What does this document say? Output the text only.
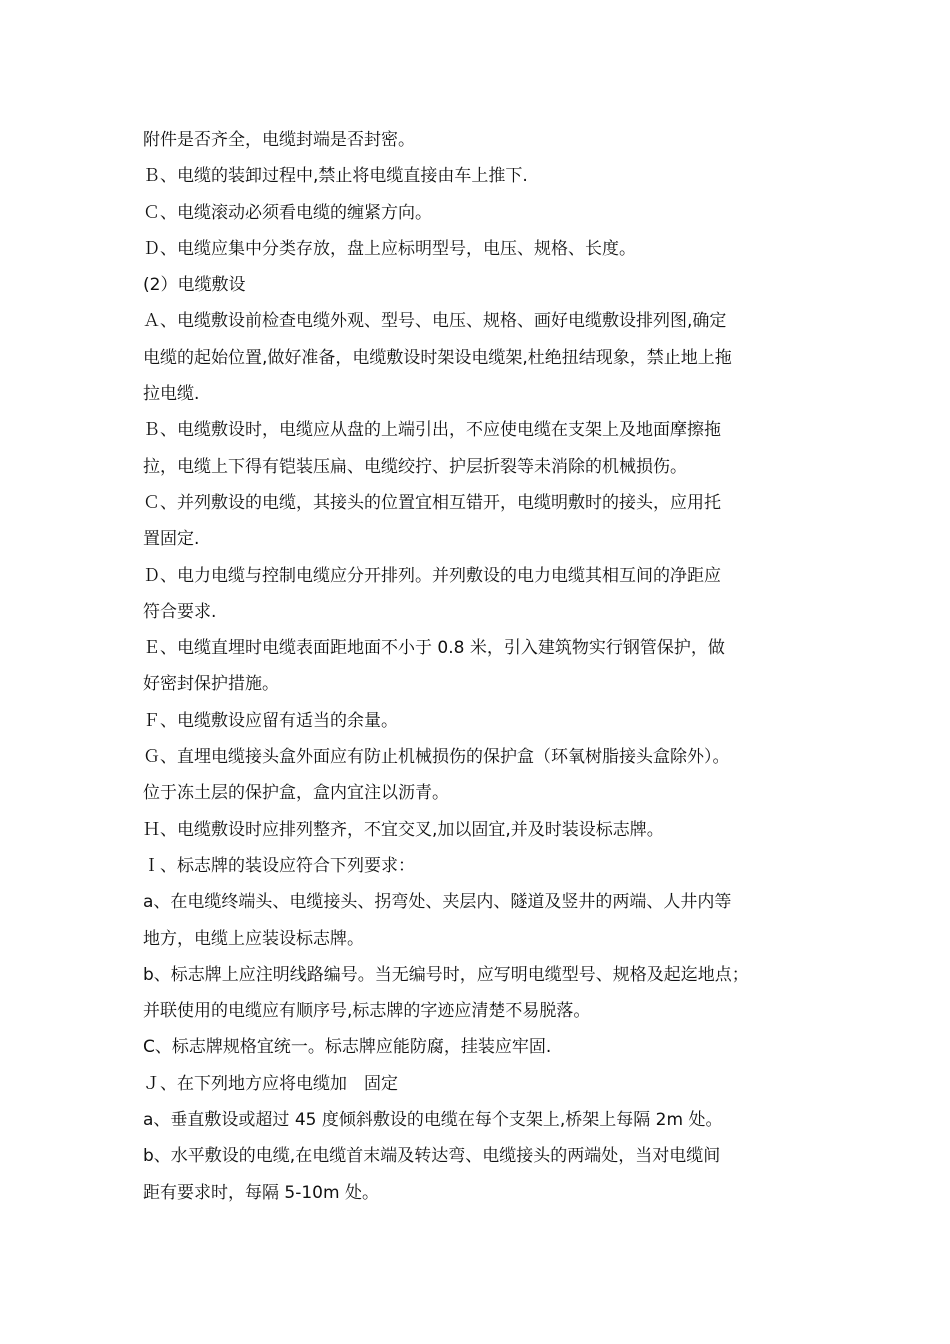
附件是否齐全，电缆封端是否封密。
Ｂ、电缆的装卸过程中,禁止将电缆直接由车上推下.
Ｃ、电缆滚动必须看电缆的缠紧方向。
Ｄ、电缆应集中分类存放，盘上应标明型号，电压、规格、长度。
(2）电缆敷设
Ａ、电缆敷设前检查电缆外观、型号、电压、规格、画好电缆敷设排列图,确定
电缆的起始位置,做好准备，电缆敷设时架设电缆架,杜绝扭结现象，禁止地上拖
拉电缆.
Ｂ、电缆敷设时，电缆应从盘的上端引出，不应使电缆在支架上及地面摩擦拖
拉，电缆上下得有铠装压扁、电缆绞拧、护层折裂等未消除的机械损伤。
Ｃ、并列敷设的电缆，其接头的位置宜相互错开，电缆明敷时的接头，应用托
置固定.
Ｄ、电力电缆与控制电缆应分开排列。并列敷设的电力电缆其相互间的净距应
符合要求.
Ｅ、电缆直埋时电缆表面距地面不小于 0.8 米，引入建筑物实行钢管保护，做
好密封保护措施。
Ｆ、电缆敷设应留有适当的余量。
Ｇ、直埋电缆接头盒外面应有防止机械损伤的保护盒（环氧树脂接头盒除外）。
位于冻土层的保护盒，盒内宜注以沥青。
Ｈ、电缆敷设时应排列整齐，不宜交叉,加以固宜,并及时装设标志牌。
Ｉ、标志牌的装设应符合下列要求：
a、在电缆终端头、电缆接头、拐弯处、夹层内、隧道及竖井的两端、人井内等
地方，电缆上应装设标志牌。
b、标志牌上应注明线路编号。当无编号时，应写明电缆型号、规格及起迄地点；
并联使用的电缆应有顺序号,标志牌的字迹应清楚不易脱落。
C、标志牌规格宜统一。标志牌应能防腐，挂装应牢固.
Ｊ、在下列地方应将电缆加　固定
a、垂直敷设或超过 45 度倾斜敷设的电缆在每个支架上,桥架上每隔 2m 处。
b、水平敷设的电缆,在电缆首末端及转达弯、电缆接头的两端处，当对电缆间
距有要求时，每隔 5-10m 处。
